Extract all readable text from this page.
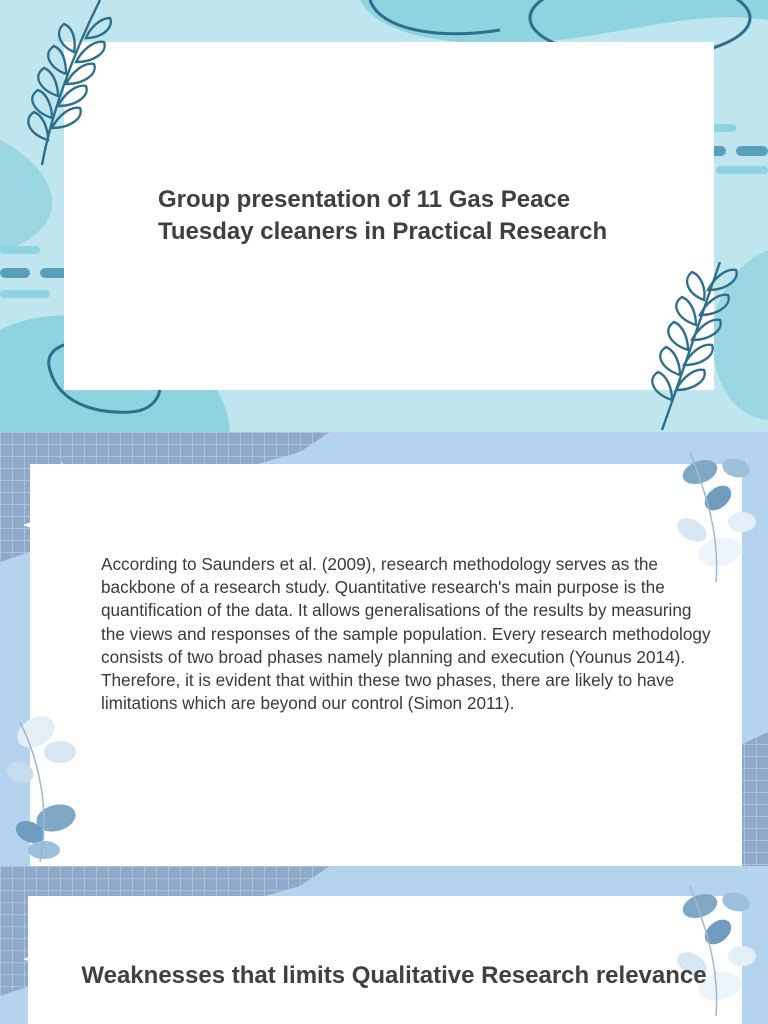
Group presentation of 11 Gas Peace
Tuesday cleaners in Practical Research

According to Saunders et al. (2009), research methodology serves as the backbone of a research study. Quantitative research's main purpose is the quantification of the data. It allows generalisations of the results by measuring the views and responses of the sample population. Every research methodology consists of two broad phases namely planning and execution (Younus 2014). Therefore, it is evident that within these two phases, there are likely to have limitations which are beyond our control (Simon 2011).

Weaknesses that limits Qualitative Research relevance
